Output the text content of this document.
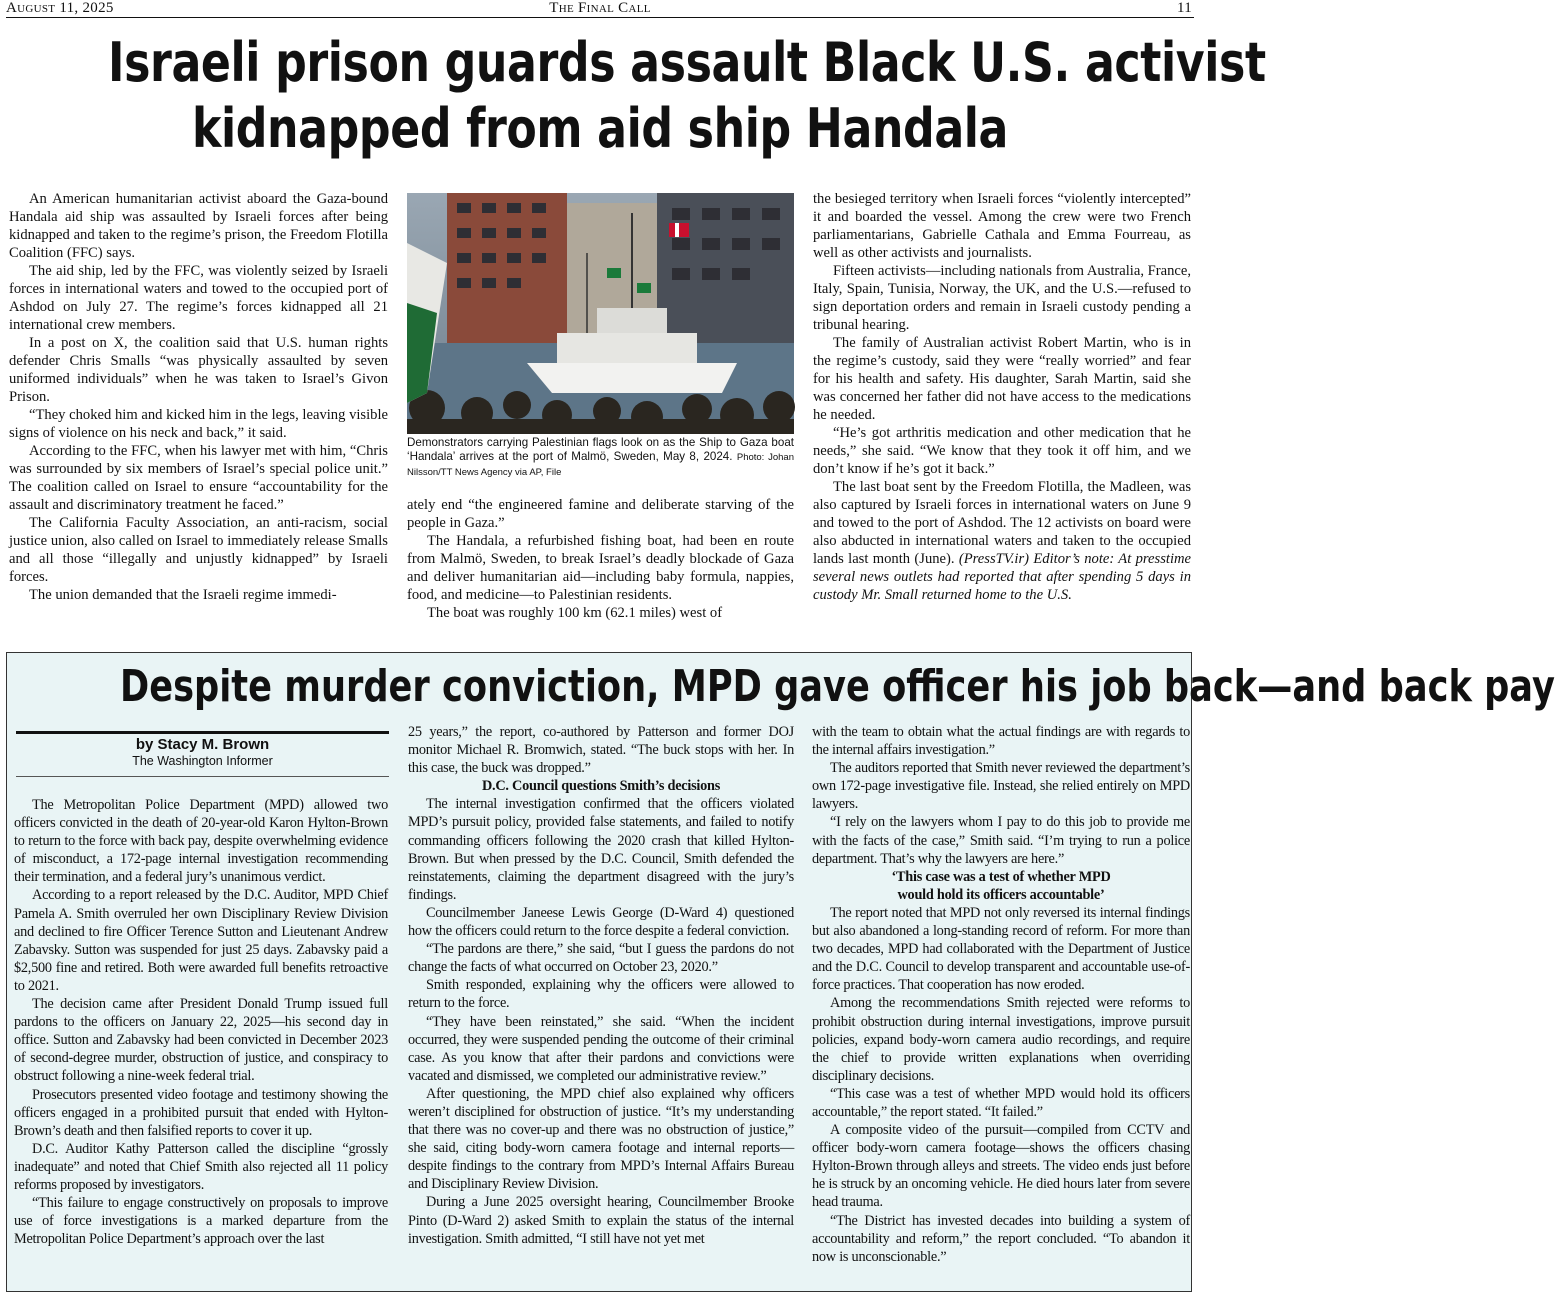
August 11, 2025	The Final Call	11
Israeli prison guards assault Black U.S. activist
kidnapped from aid ship Handala

An American humanitarian activist aboard the Gaza-bound Handala aid ship was assaulted by Israeli forces after being kidnapped and taken to the regime’s prison, the Freedom Flotilla Coalition (FFC) says.

The aid ship, led by the FFC, was violently seized by Israeli forces in international waters and towed to the occupied port of Ashdod on July 27. The regime’s forces kidnapped all 21 international crew members.

In a post on X, the coalition said that U.S. human rights defender Chris Smalls “was physically assaulted by seven uniformed individuals” when he was taken to Israel’s Givon Prison.

“They choked him and kicked him in the legs, leaving visible signs of violence on his neck and back,” it said.

According to the FFC, when his lawyer met with him, “Chris was surrounded by six members of Israel’s special police unit.” The coalition called on Israel to ensure “accountability for the assault and discriminatory treatment he faced.”

The California Faculty Association, an anti-racism, social justice union, also called on Israel to immediately release Smalls and all those “illegally and unjustly kidnapped” by Israeli forces.

The union demanded that the Israeli regime immedi-

Demonstrators carrying Palestinian flags look on as the Ship to Gaza boat ‘Handala’ arrives at the port of Malmö, Sweden, May 8, 2024. Photo: Johan Nilsson/TT News Agency via AP, File

ately end “the engineered famine and deliberate starving of the people in Gaza.”

The Handala, a refurbished fishing boat, had been en route from Malmö, Sweden, to break Israel’s deadly blockade of Gaza and deliver humanitarian aid—including baby formula, nappies, food, and medicine—to Palestinian residents.

The boat was roughly 100 km (62.1 miles) west of

the besieged territory when Israeli forces “violently intercepted” it and boarded the vessel. Among the crew were two French parliamentarians, Gabrielle Cathala and Emma Fourreau, as well as other activists and journalists.

Fifteen activists—including nationals from Australia, France, Italy, Spain, Tunisia, Norway, the UK, and the U.S.—refused to sign deportation orders and remain in Israeli custody pending a tribunal hearing.

The family of Australian activist Robert Martin, who is in the regime’s custody, said they were “really worried” and fear for his health and safety. His daughter, Sarah Martin, said she was concerned her father did not have access to the medications he needed.

“He’s got arthritis medication and other medication that he needs,” she said. “We know that they took it off him, and we don’t know if he’s got it back.”

The last boat sent by the Freedom Flotilla, the Madleen, was also captured by Israeli forces in international waters on June 9 and towed to the port of Ashdod. The 12 activists on board were also abducted in international waters and taken to the occupied lands last month (June). (PressTV.ir) Editor’s note: At presstime several news outlets had reported that after spending 5 days in custody Mr. Small returned home to the U.S.

Despite murder conviction, MPD gave officer his job back—and back pay
by Stacy M. Brown
The Washington Informer

The Metropolitan Police Department (MPD) allowed two officers convicted in the death of 20-year-old Karon Hylton-Brown to return to the force with back pay, despite overwhelming evidence of misconduct, a 172-page internal investigation recommending their termination, and a federal jury’s unanimous verdict.

According to a report released by the D.C. Auditor, MPD Chief Pamela A. Smith overruled her own Disciplinary Review Division and declined to fire Officer Terence Sutton and Lieutenant Andrew Zabavsky. Sutton was suspended for just 25 days. Zabavsky paid a $2,500 fine and retired. Both were awarded full benefits retroactive to 2021.

The decision came after President Donald Trump issued full pardons to the officers on January 22, 2025—his second day in office. Sutton and Zabavsky had been convicted in December 2023 of second-degree murder, obstruction of justice, and conspiracy to obstruct following a nine-week federal trial.

Prosecutors presented video footage and testimony showing the officers engaged in a prohibited pursuit that ended with Hylton-Brown’s death and then falsified reports to cover it up.

D.C. Auditor Kathy Patterson called the discipline “grossly inadequate” and noted that Chief Smith also rejected all 11 policy reforms proposed by investigators.

“This failure to engage constructively on proposals to improve use of force investigations is a marked departure from the Metropolitan Police Department’s approach over the last

25 years,” the report, co-authored by Patterson and former DOJ monitor Michael R. Bromwich, stated. “The buck stops with her. In this case, the buck was dropped.”

D.C. Council questions Smith’s decisions

The internal investigation confirmed that the officers violated MPD’s pursuit policy, provided false statements, and failed to notify commanding officers following the 2020 crash that killed Hylton-Brown. But when pressed by the D.C. Council, Smith defended the reinstatements, claiming the department disagreed with the jury’s findings.

Councilmember Janeese Lewis George (D-Ward 4) questioned how the officers could return to the force despite a federal conviction.

“The pardons are there,” she said, “but I guess the pardons do not change the facts of what occurred on October 23, 2020.”

Smith responded, explaining why the officers were allowed to return to the force.

“They have been reinstated,” she said. “When the incident occurred, they were suspended pending the outcome of their criminal case. As you know that after their pardons and convictions were vacated and dismissed, we completed our administrative review.”

After questioning, the MPD chief also explained why officers weren’t disciplined for obstruction of justice. “It’s my understanding that there was no cover-up and there was no obstruction of justice,” she said, citing body-worn camera footage and internal reports—despite findings to the contrary from MPD’s Internal Affairs Bureau and Disciplinary Review Division.

During a June 2025 oversight hearing, Councilmember Brooke Pinto (D-Ward 2) asked Smith to explain the status of the internal investigation. Smith admitted, “I still have not yet met

with the team to obtain what the actual findings are with regards to the internal affairs investigation.”

The auditors reported that Smith never reviewed the department’s own 172-page investigative file. Instead, she relied entirely on MPD lawyers.

“I rely on the lawyers whom I pay to do this job to provide me with the facts of the case,” Smith said. “I’m trying to run a police department. That’s why the lawyers are here.”

‘This case was a test of whether MPD

would hold its officers accountable’

The report noted that MPD not only reversed its internal findings but also abandoned a long-standing record of reform. For more than two decades, MPD had collaborated with the Department of Justice and the D.C. Council to develop transparent and accountable use-of-force practices. That cooperation has now eroded.

Among the recommendations Smith rejected were reforms to prohibit obstruction during internal investigations, improve pursuit policies, expand body-worn camera audio recordings, and require the chief to provide written explanations when overriding disciplinary decisions.

“This case was a test of whether MPD would hold its officers accountable,” the report stated. “It failed.”

A composite video of the pursuit—compiled from CCTV and officer body-worn camera footage—shows the officers chasing Hylton-Brown through alleys and streets. The video ends just before he is struck by an oncoming vehicle. He died hours later from severe head trauma.

“The District has invested decades into building a system of accountability and reform,” the report concluded. “To abandon it now is unconscionable.”
